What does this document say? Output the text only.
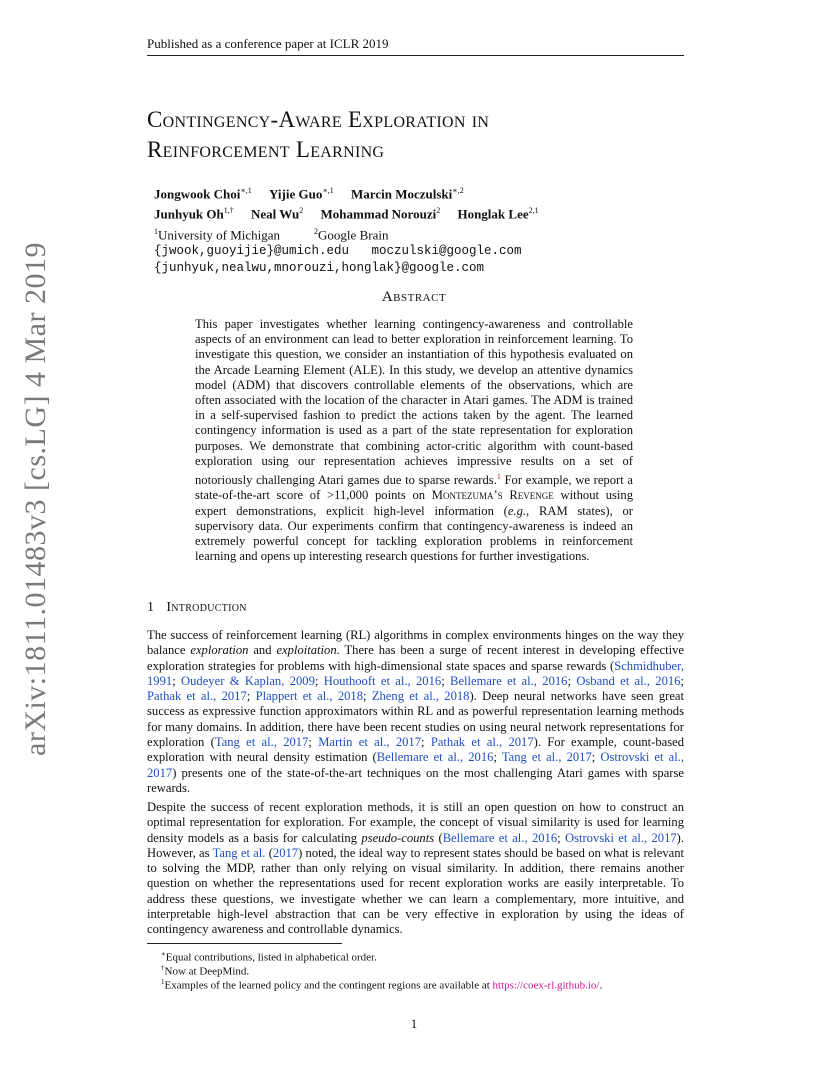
Published as a conference paper at ICLR 2019
arXiv:1811.01483v3 [cs.LG] 4 Mar 2019
Contingency-Aware Exploration in
Reinforcement Learning
Jongwook Choi$^{∗,1}$ Yijie Guo$^{∗,1}$ Marcin Moczulski$^{∗,2}$
Junhyuk $Oh^{1,\dagger}$ Neal Wu$^2$ Mohammad Norouzi$^2$ Honglak Lee$^{2,1}$
$^1$University of Michigan	$^2$Google Brain
{jwook,guoyijie}@umich.edu   moczulski@google.com
{junhyuk,nealwu,mnorouzi,honglak}@google.com
Abstract
This paper investigates whether learning contingency-awareness and controllable aspects of an environment can lead to better exploration in reinforcement learning. To investigate this question, we consider an instantiation of this hypothesis evaluated on the Arcade Learning Element (ALE). In this study, we develop an attentive dynamics model (ADM) that discovers controllable elements of the observations, which are often associated with the location of the character in Atari games. The ADM is trained in a self-supervised fashion to predict the actions taken by the agent. The learned contingency information is used as a part of the state representation for exploration purposes. We demonstrate that combining actor-critic algorithm with count-based exploration using our representation achieves impressive results on a set of notoriously challenging Atari games due to sparse rewards.$^1$ For example, we report a state-of-the-art score of >11,000 points on Montezuma’s Revenge without using expert demonstrations, explicit high-level information (e.g., RAM states), or supervisory data. Our experiments confirm that contingency-awareness is indeed an extremely powerful concept for tackling exploration problems in reinforcement learning and opens up interesting research questions for further investigations.
1 Introduction
The success of reinforcement learning (RL) algorithms in complex environments hinges on the way they balance exploration and exploitation. There has been a surge of recent interest in developing effective exploration strategies for problems with high-dimensional state spaces and sparse rewards (Schmidhuber, 1991; Oudeyer & Kaplan, 2009; Houthooft et al., 2016; Bellemare et al., 2016; Osband et al., 2016; Pathak et al., 2017; Plappert et al., 2018; Zheng et al., 2018). Deep neural networks have seen great success as expressive function approximators within RL and as powerful representation learning methods for many domains. In addition, there have been recent studies on using neural network representations for exploration (Tang et al., 2017; Martin et al., 2017; Pathak et al., 2017). For example, count-based exploration with neural density estimation (Bellemare et al., 2016; Tang et al., 2017; Ostrovski et al., 2017) presents one of the state-of-the-art techniques on the most challenging Atari games with sparse rewards.
Despite the success of recent exploration methods, it is still an open question on how to construct an optimal representation for exploration. For example, the concept of visual similarity is used for learning density models as a basis for calculating pseudo-counts (Bellemare et al., 2016; Ostrovski et al., 2017). However, as Tang et al. (2017) noted, the ideal way to represent states should be based on what is relevant to solving the MDP, rather than only relying on visual similarity. In addition, there remains another question on whether the representations used for recent exploration works are easily interpretable. To address these questions, we investigate whether we can learn a complementary, more intuitive, and interpretable high-level abstraction that can be very effective in exploration by using the ideas of contingency awareness and controllable dynamics.
∗Equal contributions, listed in alphabetical order.
†Now at DeepMind.
$^1$Examples of the learned policy and the contingent regions are available at https://coex-rl.github.io/.
1
